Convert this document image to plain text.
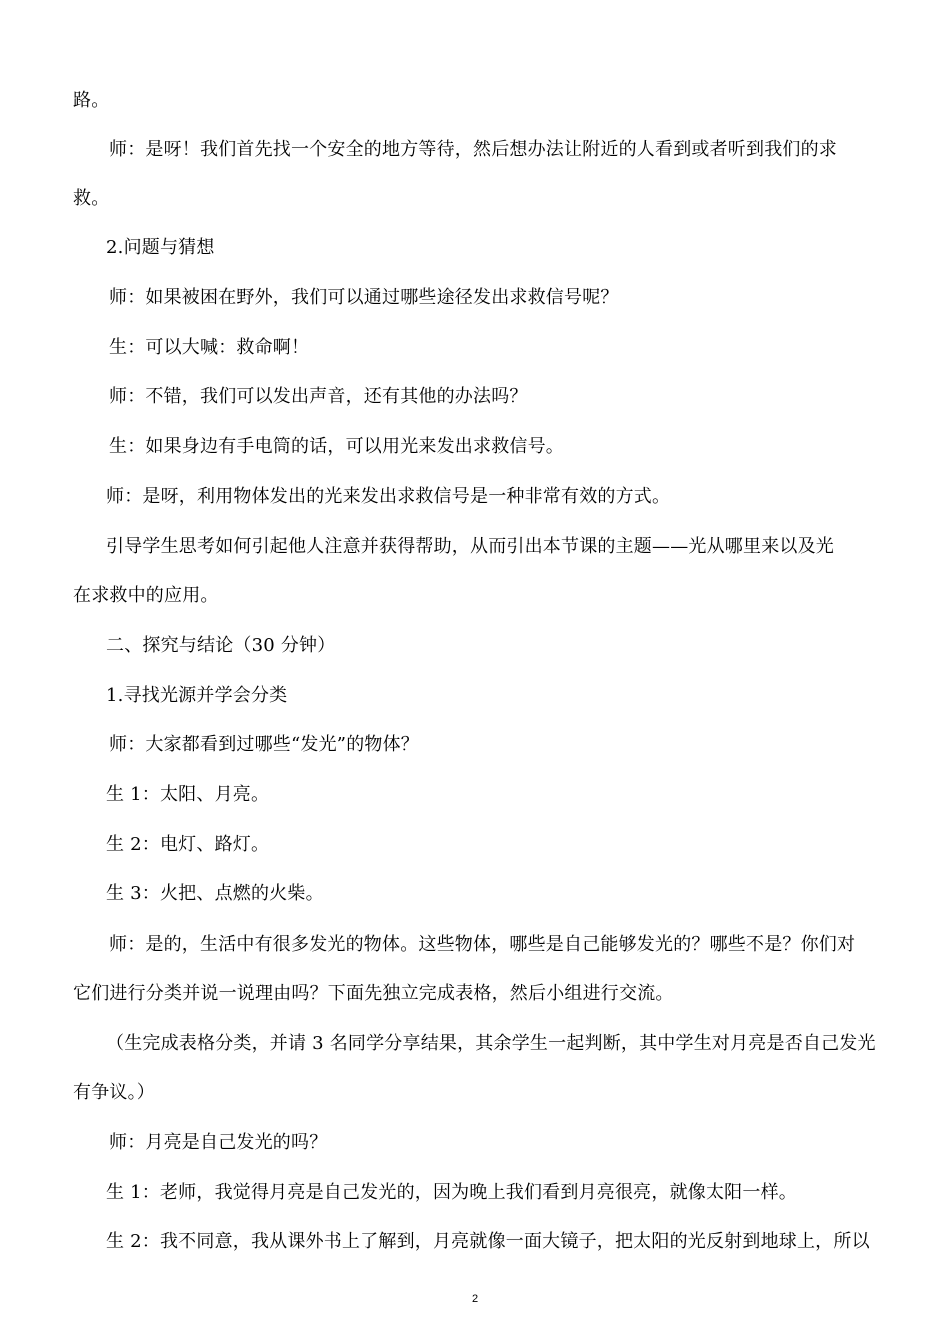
路。
师：是呀！我们首先找一个安全的地方等待，然后想办法让附近的人看到或者听到我们的求
救。
2.问题与猜想
师：如果被困在野外，我们可以通过哪些途径发出求救信号呢？
生：可以大喊：救命啊！
师：不错，我们可以发出声音，还有其他的办法吗？
生：如果身边有手电筒的话，可以用光来发出求救信号。
师：是呀，利用物体发出的光来发出求救信号是一种非常有效的方式。
引导学生思考如何引起他人注意并获得帮助，从而引出本节课的主题——光从哪里来以及光
在求救中的应用。
二、探究与结论（30 分钟）
1.寻找光源并学会分类
师：大家都看到过哪些“发光”的物体？
生 1：太阳、月亮。
生 2：电灯、路灯。
生 3：火把、点燃的火柴。
师：是的，生活中有很多发光的物体。这些物体，哪些是自己能够发光的？哪些不是？你们对
它们进行分类并说一说理由吗？下面先独立完成表格，然后小组进行交流。
（生完成表格分类，并请 3 名同学分享结果，其余学生一起判断，其中学生对月亮是否自己发光
有争议。）
师：月亮是自己发光的吗？
生 1：老师，我觉得月亮是自己发光的，因为晚上我们看到月亮很亮，就像太阳一样。
生 2：我不同意，我从课外书上了解到，月亮就像一面大镜子，把太阳的光反射到地球上，所以
2
